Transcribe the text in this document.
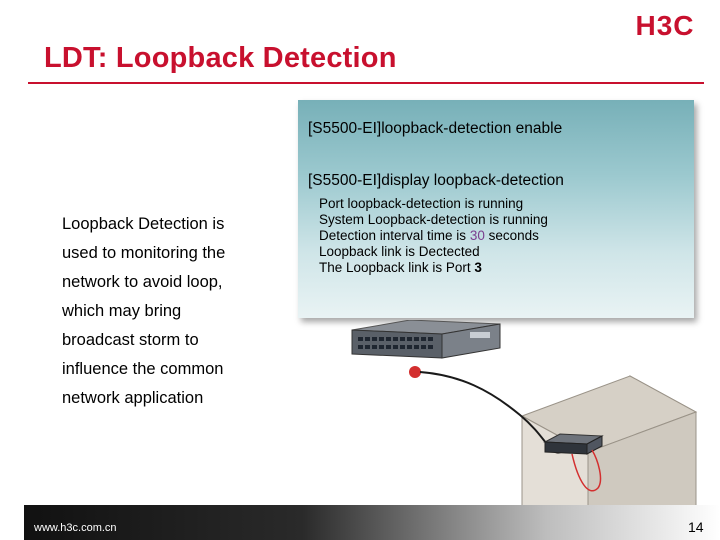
H3C
LDT: Loopback Detection
[S5500-EI]loopback-detection enable
[S5500-EI]display loopback-detection
Port loopback-detection is running
System Loopback-detection is running
Detection interval time is 30 seconds
Loopback link is Dectected
The Loopback link is Port 3
Loopback Detection is
used to monitoring the
network to avoid loop,
which may bring
broadcast storm to
influence the common
network application
www.h3c.com.cn	14
